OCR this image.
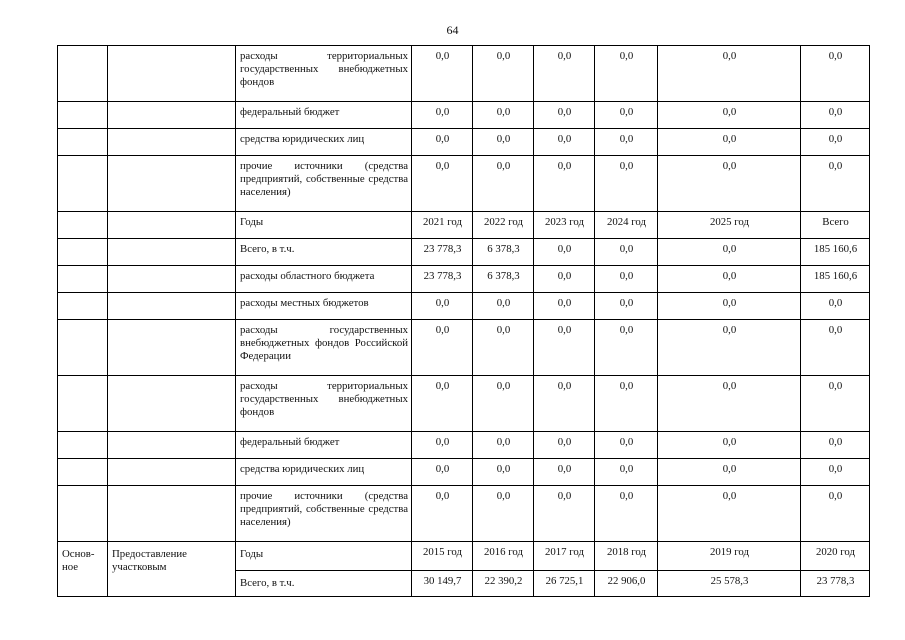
64
		расходы территориальных государственных внебюджетных фондов	0,0	0,0	0,0	0,0	0,0	0,0
		федеральный бюджет	0,0	0,0	0,0	0,0	0,0	0,0
		средства юридических лиц	0,0	0,0	0,0	0,0	0,0	0,0
		прочие источники (средства предприятий, собственные средства населения)	0,0	0,0	0,0	0,0	0,0	0,0
		Годы	2021 год	2022 год	2023 год	2024 год	2025 год	Всего
		Всего, в т.ч.	23 778,3	6 378,3	0,0	0,0	0,0	185 160,6
		расходы областного бюджета	23 778,3	6 378,3	0,0	0,0	0,0	185 160,6
		расходы местных бюджетов	0,0	0,0	0,0	0,0	0,0	0,0
		расходы государственных внебюджетных фондов Российской Федерации	0,0	0,0	0,0	0,0	0,0	0,0
		расходы территориальных государственных внебюджетных фондов	0,0	0,0	0,0	0,0	0,0	0,0
		федеральный бюджет	0,0	0,0	0,0	0,0	0,0	0,0
		средства юридических лиц	0,0	0,0	0,0	0,0	0,0	0,0
		прочие источники (средства предприятий, собственные средства населения)	0,0	0,0	0,0	0,0	0,0	0,0
Основ-ное	Предоставление участковым	Годы	2015 год	2016 год	2017 год	2018 год	2019 год	2020 год
		Всего, в т.ч.	30 149,7	22 390,2	26 725,1	22 906,0	25 578,3	23 778,3
